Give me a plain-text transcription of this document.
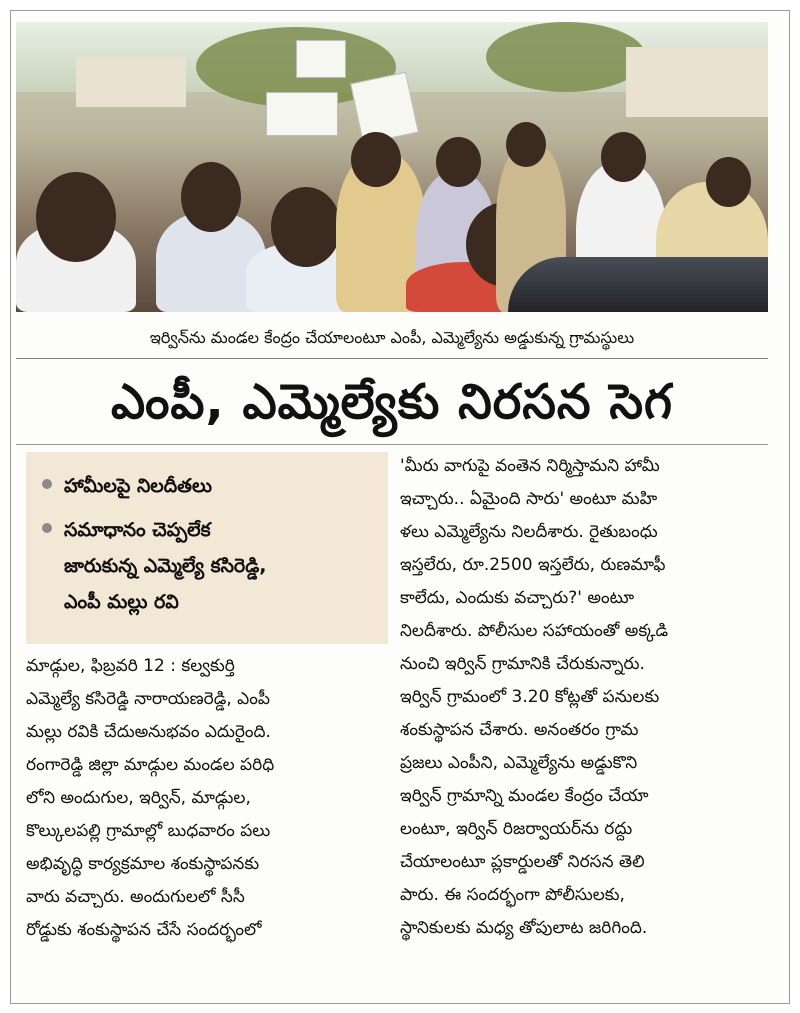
ఇర్విన్‌ను మండల కేంద్రం చేయాలంటూ ఎంపీ, ఎమ్మెల్యేను అడ్డుకున్న గ్రామస్థులు
ఎంపీ, ఎమ్మెల్యేకు నిరసన సెగ
హామీలపై నిలదీతలు
సమాధానం చెప్పలేక
జారుకున్న ఎమ్మెల్యే కసిరెడ్డి,
ఎంపీ మల్లు రవి
మాడ్గుల, ఫిబ్రవరి 12 : కల్వకుర్తి
ఎమ్మెల్యే కసిరెడ్డి నారాయణరెడ్డి, ఎంపీ
మల్లు రవికి చేదుఅనుభవం ఎదురైంది.
రంగారెడ్డి జిల్లా మాడ్గుల మండల పరిధి
లోని అందుగుల, ఇర్విన్, మాడ్గుల,
కొల్కులపల్లి గ్రామాల్లో బుధవారం పలు
అభివృద్ధి కార్యక్రమాల శంకుస్థాపనకు
వారు వచ్చారు. అందుగులలో సీసీ
రోడ్డుకు శంకుస్థాపన చేసే సందర్భంలో
'మీరు వాగుపై వంతెన నిర్మిస్తామని హామీ
ఇచ్చారు.. ఏమైంది సారు' అంటూ మహి
ళలు ఎమ్మెల్యేను నిలదీశారు. రైతుబంధు
ఇస్తలేరు, రూ.2500 ఇస్తలేరు, రుణమాఫీ
కాలేదు, ఎందుకు వచ్చారు?' అంటూ
నిలదీశారు. పోలీసుల సహాయంతో అక్కడి
నుంచి ఇర్విన్ గ్రామానికి చేరుకున్నారు.
ఇర్విన్ గ్రామంలో 3.20 కోట్లతో పనులకు
శంకుస్థాపన చేశారు. అనంతరం గ్రామ
ప్రజలు ఎంపీని, ఎమ్మెల్యేను అడ్డుకొని
ఇర్విన్ గ్రామాన్ని మండల కేంద్రం చేయా
లంటూ, ఇర్విన్ రిజర్వాయర్‌ను రద్దు
చేయాలంటూ ప్లకార్డులతో నిరసన తెలి
పారు. ఈ సందర్భంగా పోలీసులకు,
స్థానికులకు మధ్య తోపులాట జరిగింది.
